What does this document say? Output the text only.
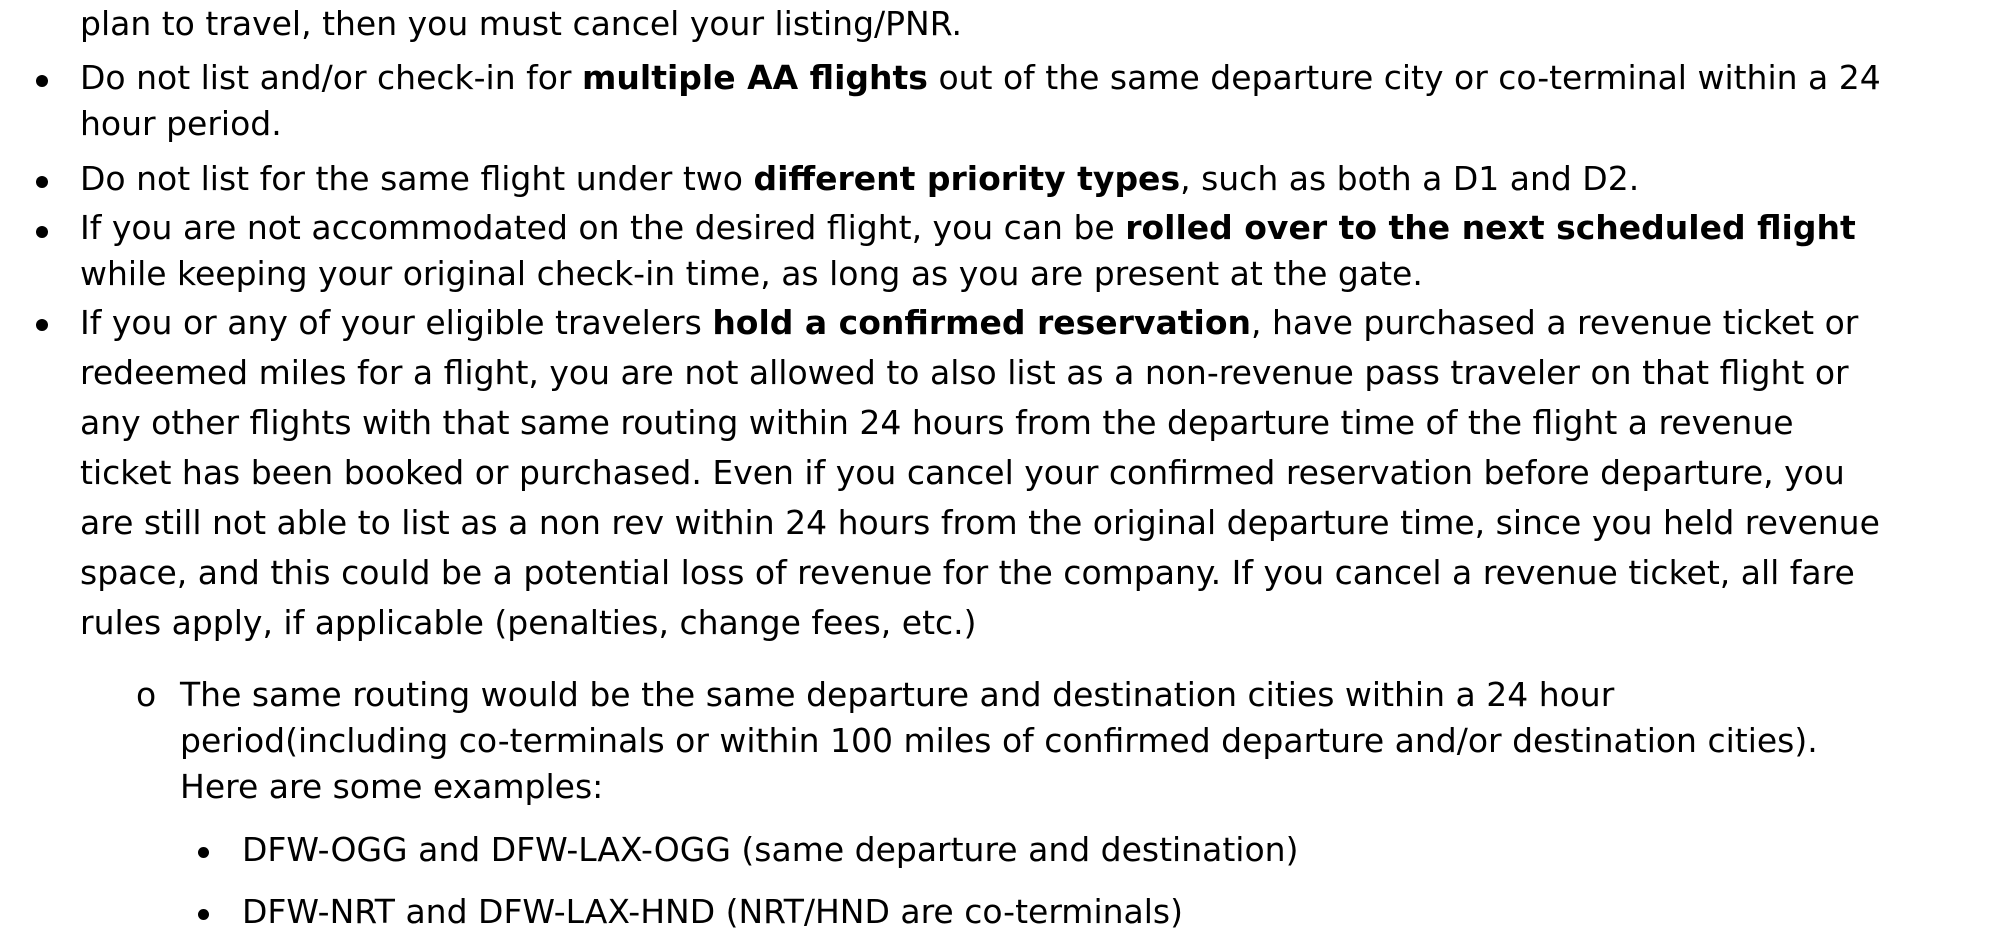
plan to travel, then you must cancel your listing/PNR.
Do not list and/or check-in for multiple AA flights out of the same departure city or co-terminal within a 24
hour period.
Do not list for the same flight under two different priority types, such as both a D1 and D2.
If you are not accommodated on the desired flight, you can be rolled over to the next scheduled flight
while keeping your original check-in time, as long as you are present at the gate.
If you or any of your eligible travelers hold a confirmed reservation, have purchased a revenue ticket or
redeemed miles for a flight, you are not allowed to also list as a non-revenue pass traveler on that flight or
any other flights with that same routing within 24 hours from the departure time of the flight a revenue
ticket has been booked or purchased. Even if you cancel your confirmed reservation before departure, you
are still not able to list as a non rev within 24 hours from the original departure time, since you held revenue
space, and this could be a potential loss of revenue for the company. If you cancel a revenue ticket, all fare
rules apply, if applicable (penalties, change fees, etc.)
o The same routing would be the same departure and destination cities within a 24 hour
period(including co-terminals or within 100 miles of confirmed departure and/or destination cities).
Here are some examples:
DFW-OGG and DFW-LAX-OGG (same departure and destination)
DFW-NRT and DFW-LAX-HND (NRT/HND are co-terminals)
